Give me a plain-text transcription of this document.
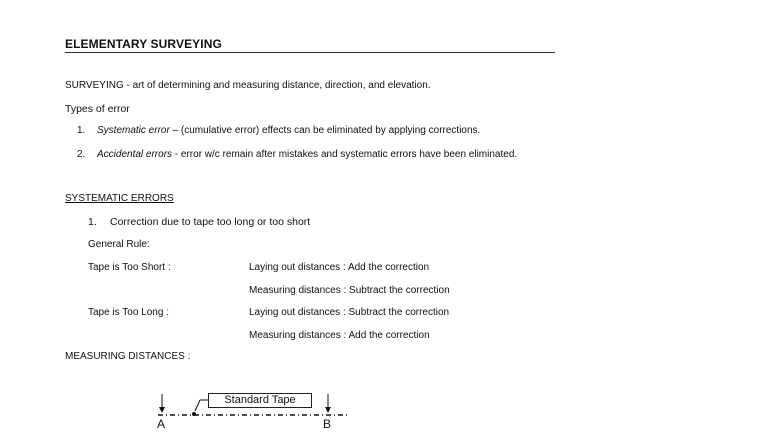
ELEMENTARY SURVEYING
SURVEYING - art of determining and measuring distance, direction, and elevation.
Types of error
1. Systematic error – (cumulative error) effects can be eliminated by applying corrections.
2. Accidental errors - error w/c remain after mistakes and systematic errors have been eliminated.
SYSTEMATIC ERRORS
1. Correction due to tape too long or too short
General Rule:
Tape is Too Short :	Laying out distances : Add the correction
Measuring distances : Subtract the correction
Tape is Too Long :	Laying out distances : Subtract the correction
Measuring distances : Add the correction
MEASURING DISTANCES :
Standard Tape
A	B
